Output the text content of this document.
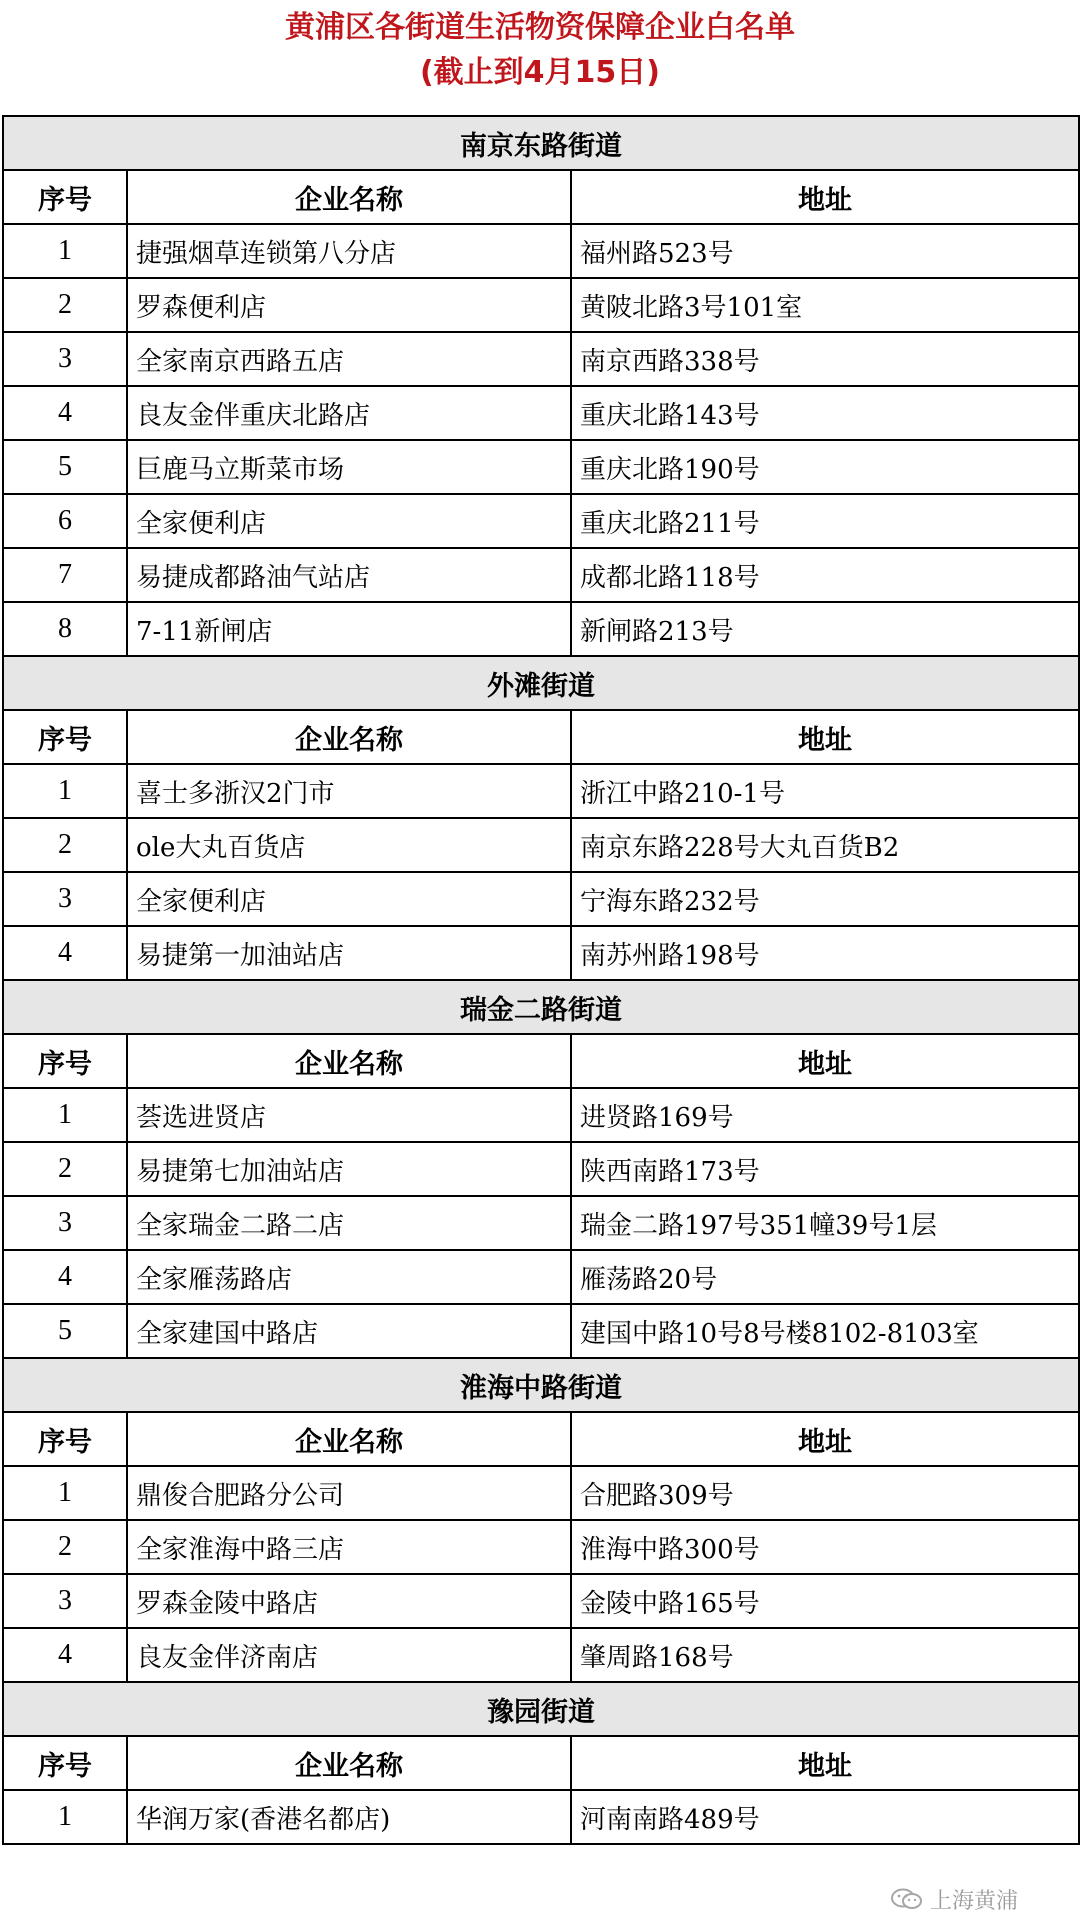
黄浦区各街道生活物资保障企业白名单
(截止到4月15日)
南京东路街道		
序号	企业名称	地址
1	捷强烟草连锁第八分店	福州路523号
2	罗森便利店	黄陂北路3号101室
3	全家南京西路五店	南京西路338号
4	良友金伴重庆北路店	重庆北路143号
5	巨鹿马立斯菜市场	重庆北路190号
6	全家便利店	重庆北路211号
7	易捷成都路油气站店	成都北路118号
8	7-11新闸店	新闸路213号
外滩街道		
序号	企业名称	地址
1	喜士多浙汉2门市	浙江中路210-1号
2	ole大丸百货店	南京东路228号大丸百货B2
3	全家便利店	宁海东路232号
4	易捷第一加油站店	南苏州路198号
瑞金二路街道		
序号	企业名称	地址
1	荟选进贤店	进贤路169号
2	易捷第七加油站店	陕西南路173号
3	全家瑞金二路二店	瑞金二路197号351幢39号1层
4	全家雁荡路店	雁荡路20号
5	全家建国中路店	建国中路10号8号楼8102-8103室
淮海中路街道		
序号	企业名称	地址
1	鼎俊合肥路分公司	合肥路309号
2	全家淮海中路三店	淮海中路300号
3	罗森金陵中路店	金陵中路165号
4	良友金伴济南店	肇周路168号
豫园街道		
序号	企业名称	地址
1	华润万家(香港名都店)	河南南路489号
上海黄浦
